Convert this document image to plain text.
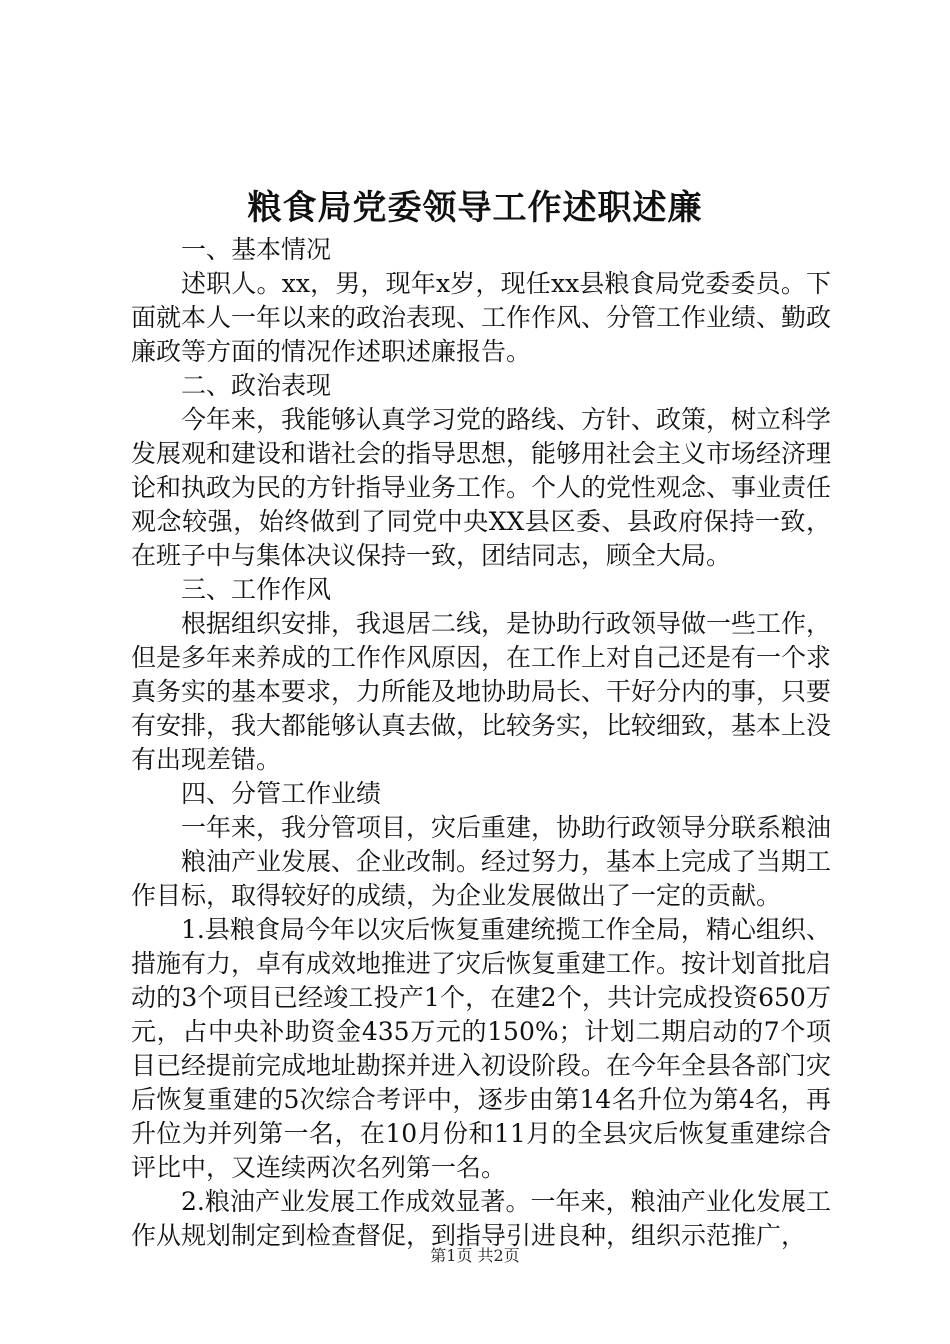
粮食局党委领导工作述职述廉

一、基本情况

述职人。xx，男，现年x岁，现任xx县粮食局党委委员。下面就本人一年以来的政治表现、工作作风、分管工作业绩、勤政廉政等方面的情况作述职述廉报告。

二、政治表现

今年来，我能够认真学习党的路线、方针、政策，树立科学发展观和建设和谐社会的指导思想，能够用社会主义市场经济理论和执政为民的方针指导业务工作。个人的党性观念、事业责任观念较强，始终做到了同党中央XX县区委、县政府保持一致，在班子中与集体决议保持一致，团结同志，顾全大局。

三、工作作风

根据组织安排，我退居二线，是协助行政领导做一些工作，但是多年来养成的工作作风原因，在工作上对自己还是有一个求真务实的基本要求，力所能及地协助局长、干好分内的事，只要有安排，我大都能够认真去做，比较务实，比较细致，基本上没有出现差错。

四、分管工作业绩

一年来，我分管项目，灾后重建，协助行政领导分联系粮油

粮油产业发展、企业改制。经过努力，基本上完成了当期工作目标，取得较好的成绩，为企业发展做出了一定的贡献。

1.县粮食局今年以灾后恢复重建统揽工作全局，精心组织、措施有力，卓有成效地推进了灾后恢复重建工作。按计划首批启动的3个项目已经竣工投产1个，在建2个，共计完成投资650万元，占中央补助资金435万元的150%；计划二期启动的7个项目已经提前完成地址勘探并进入初设阶段。在今年全县各部门灾后恢复重建的5次综合考评中，逐步由第14名升位为第4名，再升位为并列第一名，在10月份和11月的全县灾后恢复重建综合评比中，又连续两次名列第一名。

2.粮油产业发展工作成效显著。一年来，粮油产业化发展工作从规划制定到检查督促，到指导引进良种，组织示范推广，

第1页 共2页
